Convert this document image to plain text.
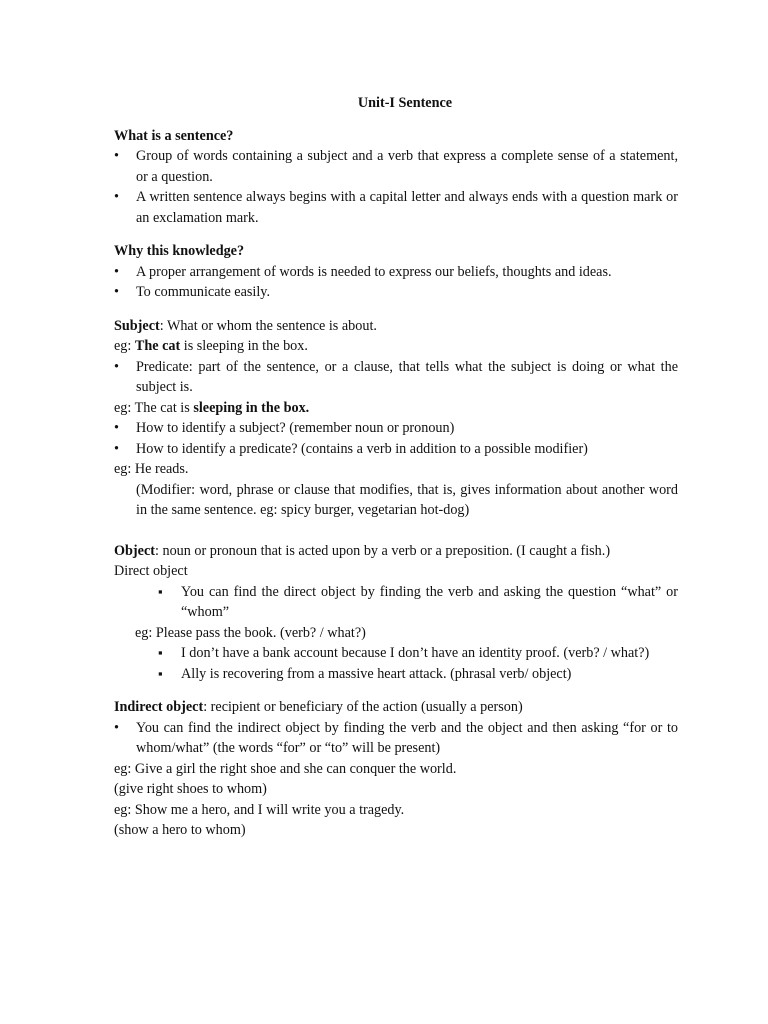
Unit-I Sentence
What is a sentence?
• Group of words containing a subject and a verb that express a complete sense of a statement, or a question.
• A written sentence always begins with a capital letter and always ends with a question mark or an exclamation mark.
Why this knowledge?
• A proper arrangement of words is needed to express our beliefs, thoughts and ideas.
• To communicate easily.
Subject: What or whom the sentence is about.
eg: The cat is sleeping in the box.
• Predicate: part of the sentence, or a clause, that tells what the subject is doing or what the subject is.
eg: The cat is sleeping in the box.
• How to identify a subject? (remember noun or pronoun)
• How to identify a predicate? (contains a verb in addition to a possible modifier)
eg: He reads.
(Modifier: word, phrase or clause that modifies, that is, gives information about another word in the same sentence. eg: spicy burger, vegetarian hot-dog)
Object: noun or pronoun that is acted upon by a verb or a preposition. (I caught a fish.)
Direct object
▪ You can find the direct object by finding the verb and asking the question “what” or “whom”
eg: Please pass the book. (verb? / what?)
▪ I don’t have a bank account because I don’t have an identity proof. (verb? / what?)
▪ Ally is recovering from a massive heart attack. (phrasal verb/ object)
Indirect object: recipient or beneficiary of the action (usually a person)
• You can find the indirect object by finding the verb and the object and then asking “for or to whom/what” (the words “for” or “to” will be present)
eg: Give a girl the right shoe and she can conquer the world.
(give right shoes to whom)
eg: Show me a hero, and I will write you a tragedy.
(show a hero to whom)
